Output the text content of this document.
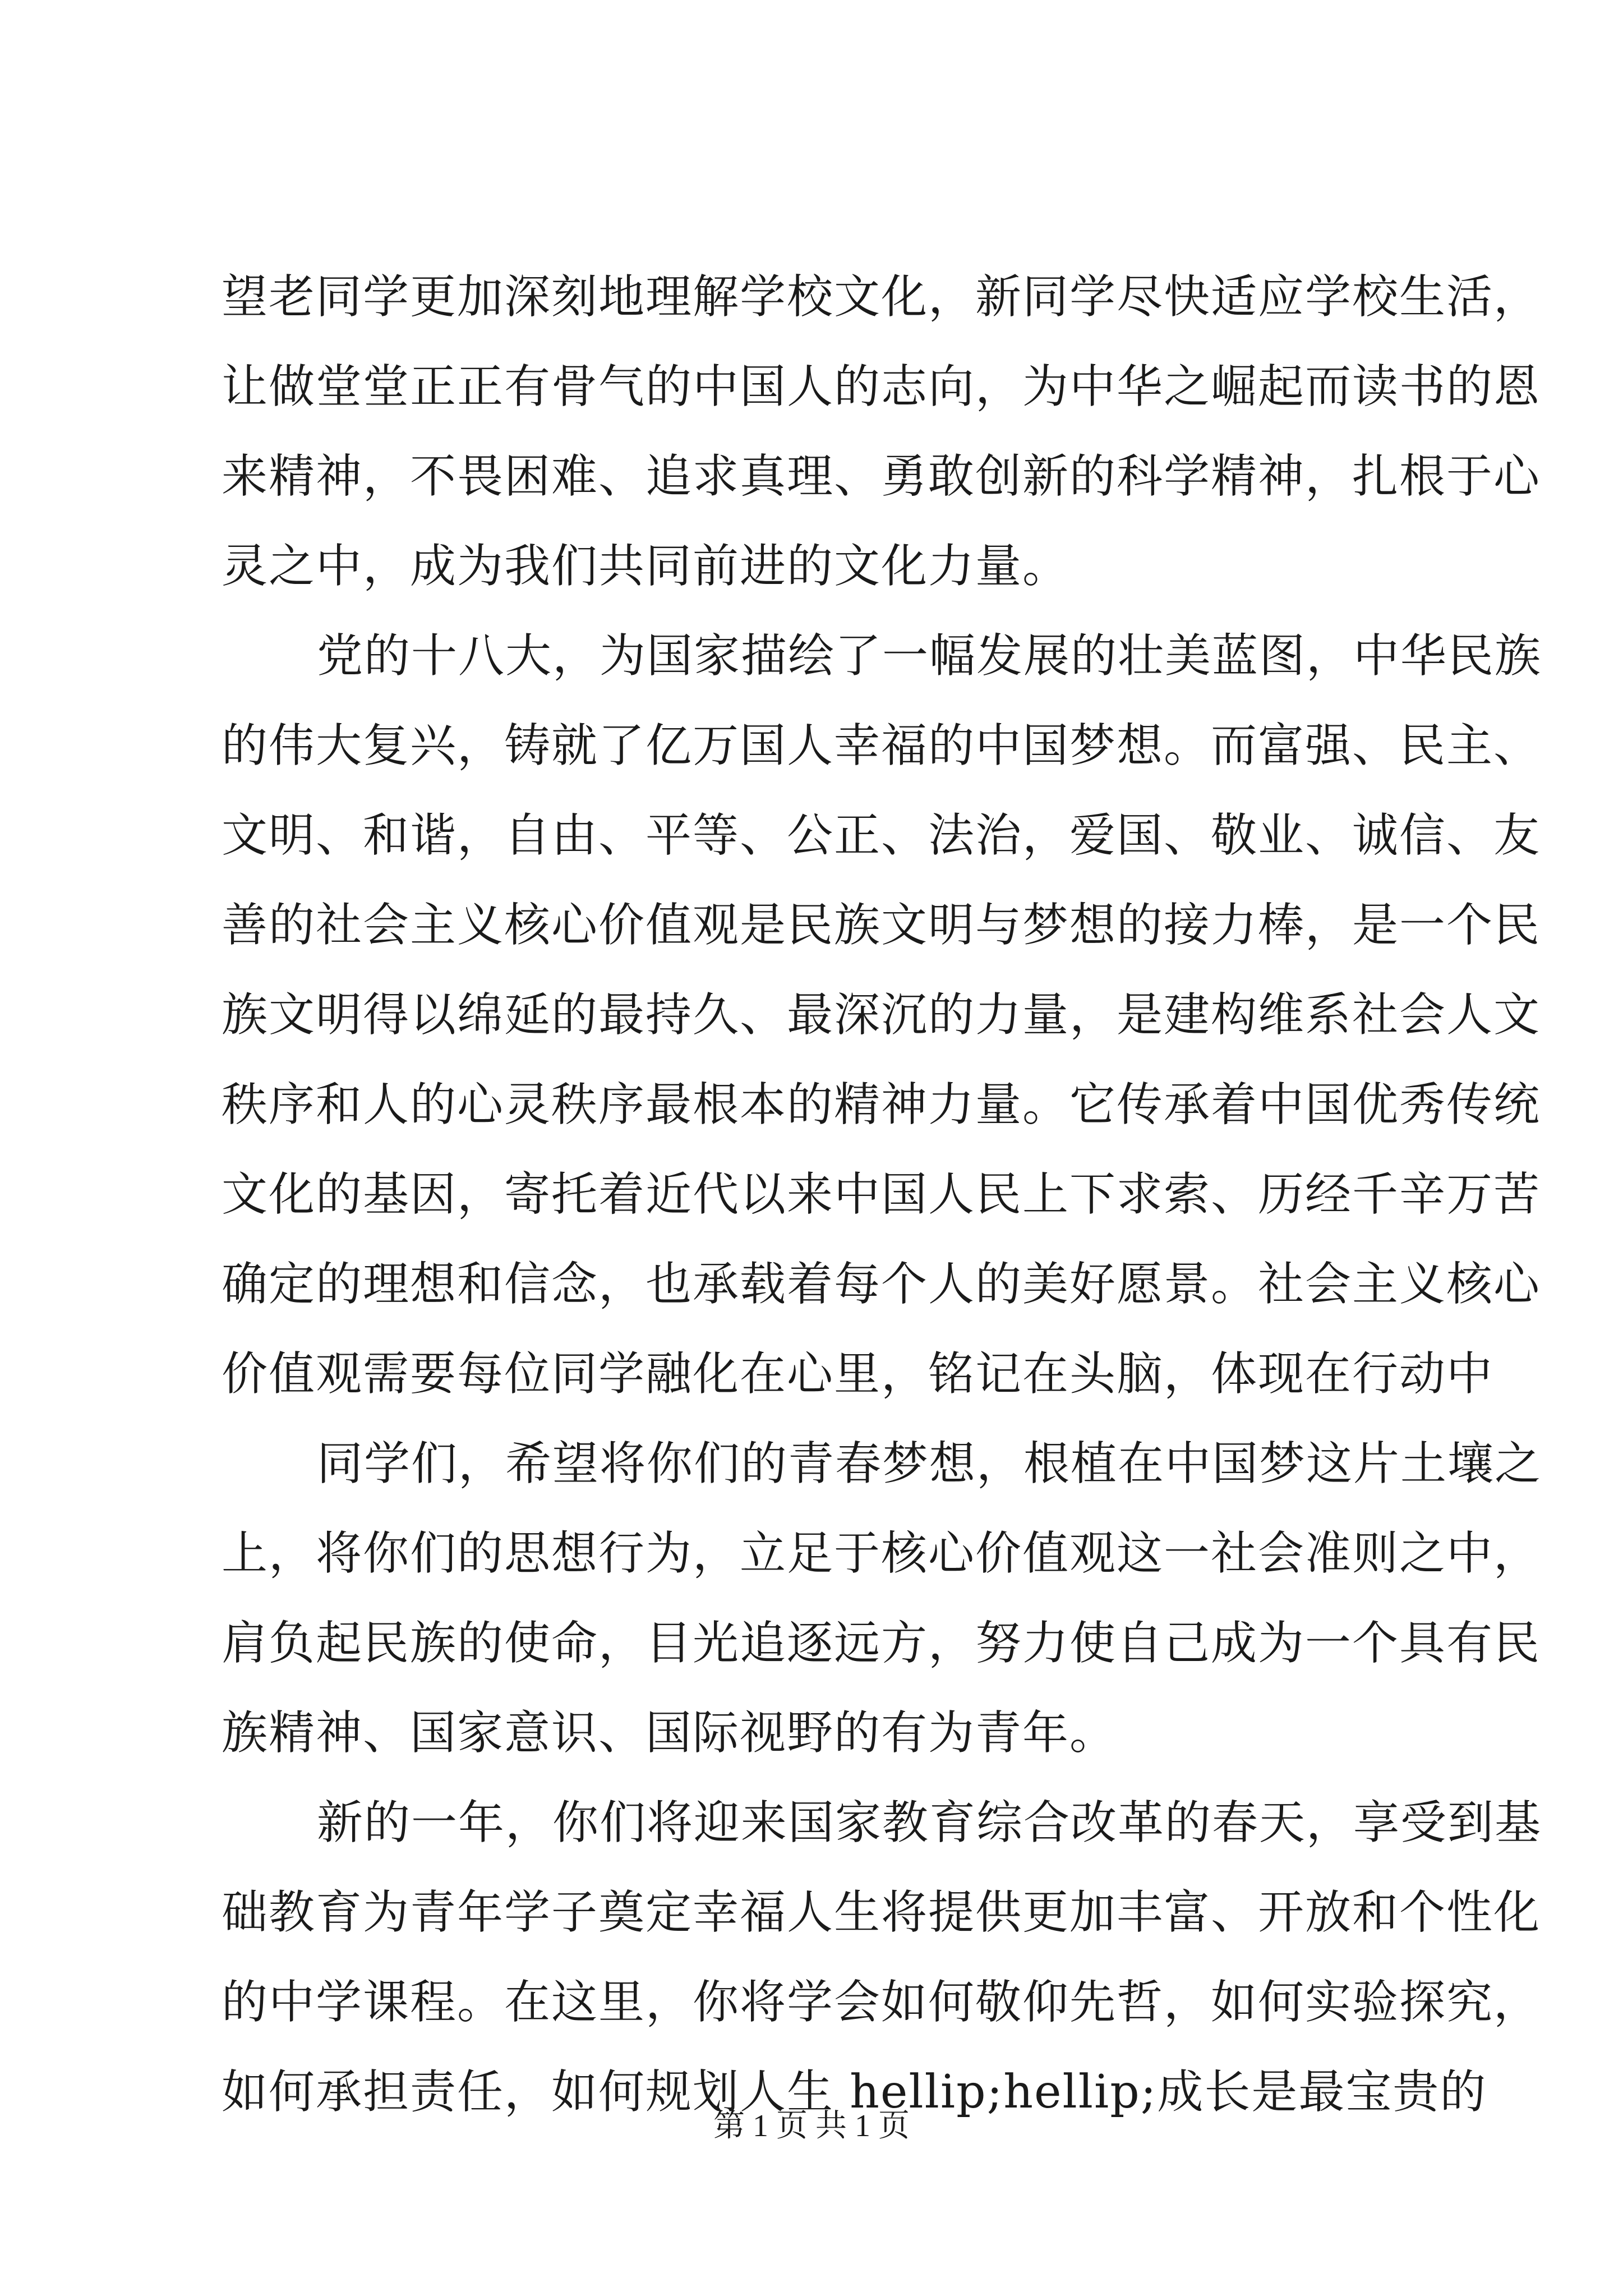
望老同学更加深刻地理解学校文化，新同学尽快适应学校生活，
让做堂堂正正有骨气的中国人的志向，为中华之崛起而读书的恩
来精神，不畏困难、追求真理、勇敢创新的科学精神，扎根于心
灵之中，成为我们共同前进的文化力量。
党的十八大，为国家描绘了一幅发展的壮美蓝图，中华民族
的伟大复兴，铸就了亿万国人幸福的中国梦想。而富强、民主、
文明、和谐，自由、平等、公正、法治，爱国、敬业、诚信、友
善的社会主义核心价值观是民族文明与梦想的接力棒，是一个民
族文明得以绵延的最持久、最深沉的力量，是建构维系社会人文
秩序和人的心灵秩序最根本的精神力量。它传承着中国优秀传统
文化的基因，寄托着近代以来中国人民上下求索、历经千辛万苦
确定的理想和信念，也承载着每个人的美好愿景。社会主义核心
价值观需要每位同学融化在心里，铭记在头脑，体现在行动中
同学们，希望将你们的青春梦想，根植在中国梦这片土壤之
上，将你们的思想行为，立足于核心价值观这一社会准则之中，
肩负起民族的使命，目光追逐远方，努力使自己成为一个具有民
族精神、国家意识、国际视野的有为青年。
新的一年，你们将迎来国家教育综合改革的春天，享受到基
础教育为青年学子奠定幸福人生将提供更加丰富、开放和个性化
的中学课程。在这里，你将学会如何敬仰先哲，如何实验探究，
如何承担责任，如何规划人生 hellip;hellip;成长是最宝贵的
第 1 页 共 1 页
